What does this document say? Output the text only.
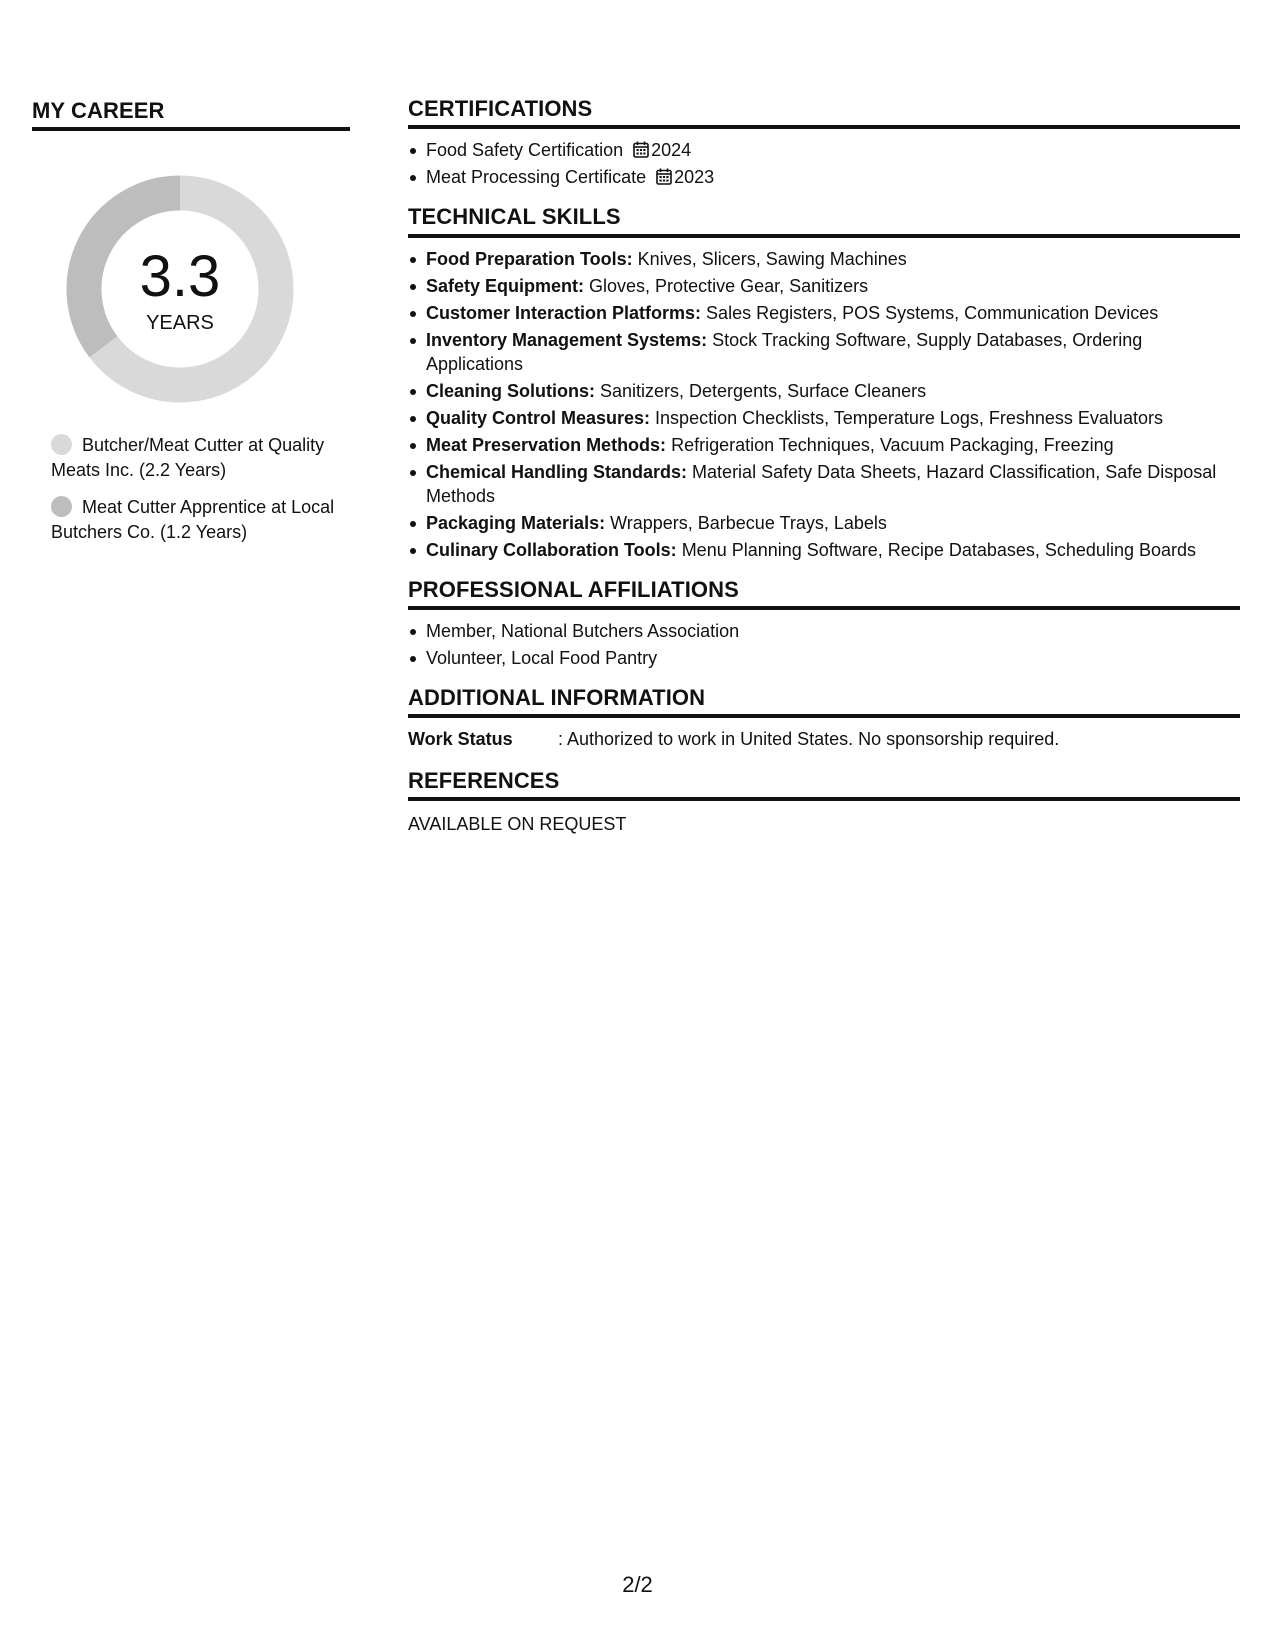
MY CAREER
3.3
YEARS
Butcher/Meat Cutter at Quality Meats Inc. (2.2 Years)
Meat Cutter Apprentice at Local Butchers Co. (1.2 Years)
CERTIFICATIONS
Food Safety Certification 2024
Meat Processing Certificate 2023
TECHNICAL SKILLS
Food Preparation Tools: Knives, Slicers, Sawing Machines
Safety Equipment: Gloves, Protective Gear, Sanitizers
Customer Interaction Platforms: Sales Registers, POS Systems, Communication Devices
Inventory Management Systems: Stock Tracking Software, Supply Databases, Ordering Applications
Cleaning Solutions: Sanitizers, Detergents, Surface Cleaners
Quality Control Measures: Inspection Checklists, Temperature Logs, Freshness Evaluators
Meat Preservation Methods: Refrigeration Techniques, Vacuum Packaging, Freezing
Chemical Handling Standards: Material Safety Data Sheets, Hazard Classification, Safe Disposal Methods
Packaging Materials: Wrappers, Barbecue Trays, Labels
Culinary Collaboration Tools: Menu Planning Software, Recipe Databases, Scheduling Boards
PROFESSIONAL AFFILIATIONS
Member, National Butchers Association
Volunteer, Local Food Pantry
ADDITIONAL INFORMATION
Work Status	: Authorized to work in United States. No sponsorship required.
REFERENCES
AVAILABLE ON REQUEST
2/2
